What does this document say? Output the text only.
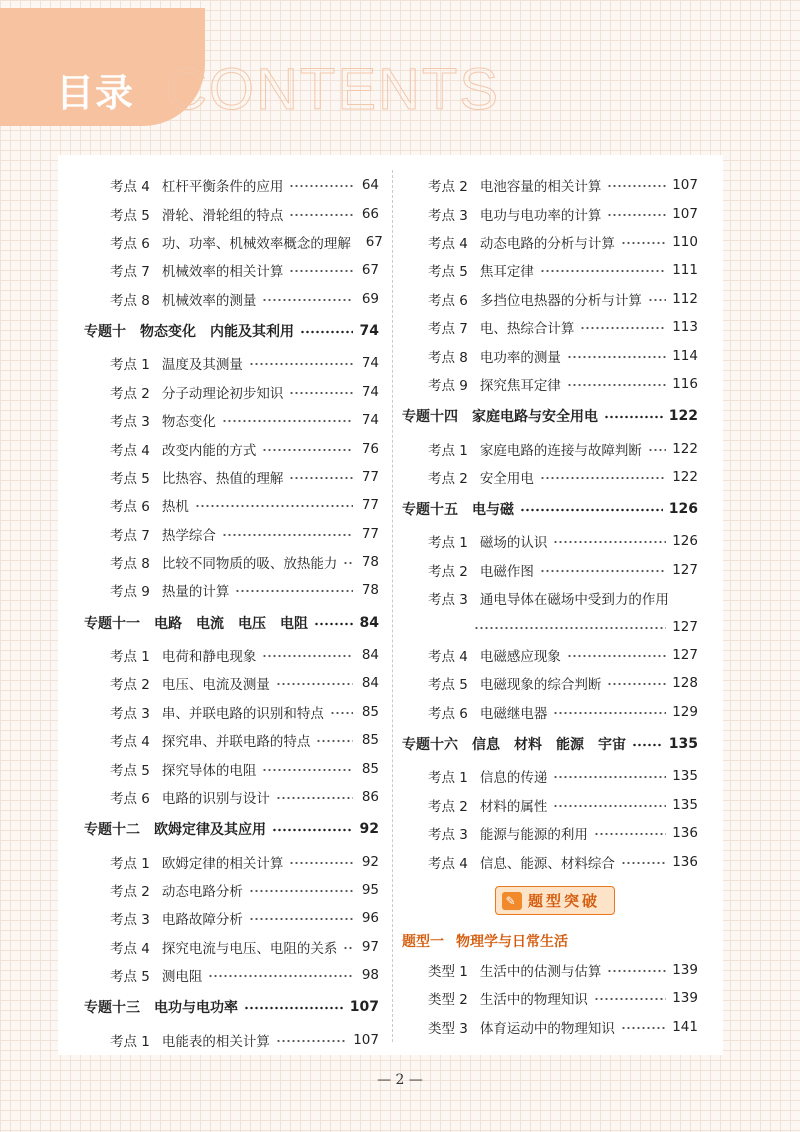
CONTENTS
目录
考点 4 杠杆平衡条件的应用	64
考点 5 滑轮、滑轮组的特点	66
考点 6 功、功率、机械效率概念的理解 67
考点 7 机械效率的相关计算	67
考点 8 机械效率的测量	69
专题十 物态变化　内能及其利用	74
考点 1 温度及其测量	74
考点 2 分子动理论初步知识	74
考点 3 物态变化	74
考点 4 改变内能的方式	76
考点 5 比热容、热值的理解	77
考点 6 热机	77
考点 7 热学综合	77
考点 8 比较不同物质的吸、放热能力 78
考点 9 热量的计算	78
专题十一 电路　电流　电压　电阻	84
考点 1 电荷和静电现象	84
考点 2 电压、电流及测量	84
考点 3 串、并联电路的识别和特点	85
考点 4 探究串、并联电路的特点	85
考点 5 探究导体的电阻	85
考点 6 电路的识别与设计	86
专题十二 欧姆定律及其应用	92
考点 1 欧姆定律的相关计算	92
考点 2 动态电路分析	95
考点 3 电路故障分析	96
考点 4 探究电流与电压、电阻的关系 97
考点 5 测电阻	98
专题十三 电功与电功率	107
考点 1 电能表的相关计算	107
考点 2 电池容量的相关计算	107
考点 3 电功与电功率的计算	107
考点 4 动态电路的分析与计算	110
考点 5 焦耳定律	111
考点 6 多挡位电热器的分析与计算 112
考点 7 电、热综合计算	113
考点 8 电功率的测量	114
考点 9 探究焦耳定律	116
专题十四 家庭电路与安全用电	122
考点 1 家庭电路的连接与故障判断 122
考点 2 安全用电	122
专题十五 电与磁	126
考点 1 磁场的认识	126
考点 2 电磁作图	127
考点 3 通电导体在磁场中受到力的作用
127
考点 4 电磁感应现象	127
考点 5 电磁现象的综合判断	128
考点 6 电磁继电器	129
专题十六 信息　材料　能源　宇宙	135
考点 1 信息的传递	135
考点 2 材料的属性	135
考点 3 能源与能源的利用	136
考点 4 信息、能源、材料综合	136
✎ 题型突破
题型一 物理学与日常生活
类型 1 生活中的估测与估算	139
类型 2 生活中的物理知识	139
类型 3 体育运动中的物理知识	141
— 2 —
